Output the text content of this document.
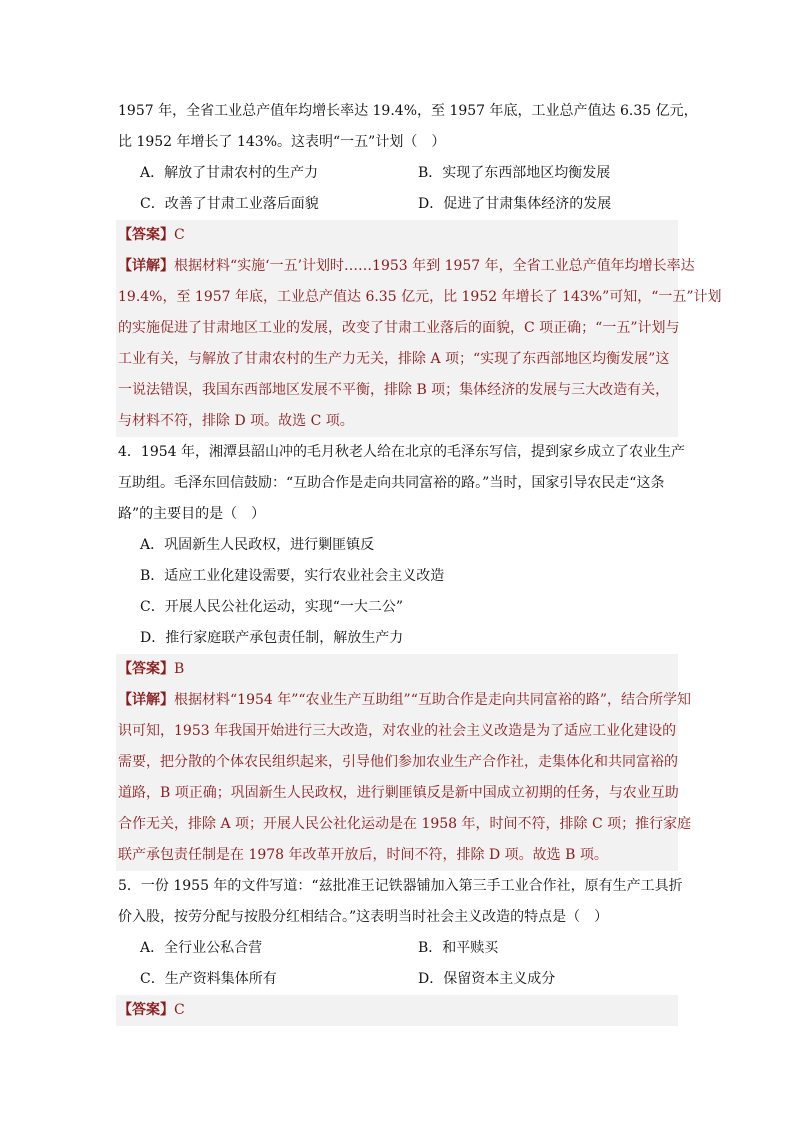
1957 年，全省工业总产值年均增长率达 19.4%，至 1957 年底，工业总产值达 6.35 亿元，
比 1952 年增长了 143%。这表明“一五”计划（　）
A．解放了甘肃农村的生产力	B．实现了东西部地区均衡发展
C．改善了甘肃工业落后面貌	D．促进了甘肃集体经济的发展
【答案】C
【详解】根据材料“实施‘一五’计划时……1953 年到 1957 年，全省工业总产值年均增长率达
19.4%，至 1957 年底，工业总产值达 6.35 亿元，比 1952 年增长了 143%”可知，“一五”计划
的实施促进了甘肃地区工业的发展，改变了甘肃工业落后的面貌，C 项正确；“一五”计划与
工业有关，与解放了甘肃农村的生产力无关，排除 A 项；“实现了东西部地区均衡发展”这
一说法错误，我国东西部地区发展不平衡，排除 B 项；集体经济的发展与三大改造有关，
与材料不符，排除 D 项。故选 C 项。
4．1954 年，湘潭县韶山冲的毛月秋老人给在北京的毛泽东写信，提到家乡成立了农业生产
互助组。毛泽东回信鼓励：“互助合作是走向共同富裕的路。”当时，国家引导农民走“这条
路”的主要目的是（　）
A．巩固新生人民政权，进行剿匪镇反
B．适应工业化建设需要，实行农业社会主义改造
C．开展人民公社化运动，实现“一大二公”
D．推行家庭联产承包责任制，解放生产力
【答案】B
【详解】根据材料“1954 年”“农业生产互助组”“互助合作是走向共同富裕的路”，结合所学知
识可知，1953 年我国开始进行三大改造，对农业的社会主义改造是为了适应工业化建设的
需要，把分散的个体农民组织起来，引导他们参加农业生产合作社，走集体化和共同富裕的
道路，B 项正确；巩固新生人民政权，进行剿匪镇反是新中国成立初期的任务，与农业互助
合作无关，排除 A 项；开展人民公社化运动是在 1958 年，时间不符，排除 C 项；推行家庭
联产承包责任制是在 1978 年改革开放后，时间不符，排除 D 项。故选 B 项。
5．一份 1955 年的文件写道：“兹批准王记铁器铺加入第三手工业合作社，原有生产工具折
价入股，按劳分配与按股分红相结合。”这表明当时社会主义改造的特点是（　）
A．全行业公私合营	B．和平赎买
C．生产资料集体所有	D．保留资本主义成分
【答案】C
